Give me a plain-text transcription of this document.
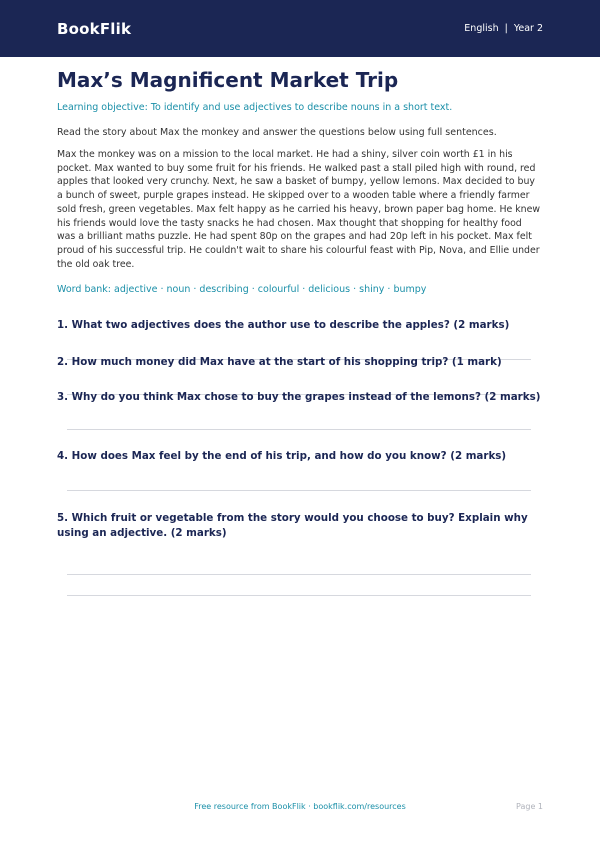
BookFlik	English | Year 2
Max’s Magnificent Market Trip

Learning objective: To identify and use adjectives to describe nouns in a short text.

Read the story about Max the monkey and answer the questions below using full sentences.

Max the monkey was on a mission to the local market. He had a shiny, silver coin worth £1 in his pocket. Max wanted to buy some fruit for his friends. He walked past a stall piled high with round, red apples that looked very crunchy. Next, he saw a basket of bumpy, yellow lemons. Max decided to buy a bunch of sweet, purple grapes instead. He skipped over to a wooden table where a friendly farmer sold fresh, green vegetables. Max felt happy as he carried his heavy, brown paper bag home. He knew his friends would love the tasty snacks he had chosen. Max thought that shopping for healthy food was a brilliant maths puzzle. He had spent 80p on the grapes and had 20p left in his pocket. Max felt proud of his successful trip. He couldn't wait to share his colourful feast with Pip, Nova, and Ellie under the old oak tree.

Word bank: adjective · noun · describing · colourful · delicious · shiny · bumpy

1. What two adjectives does the author use to describe the apples? (2 marks)

2. How much money did Max have at the start of his shopping trip? (1 mark)

3. Why do you think Max chose to buy the grapes instead of the lemons? (2 marks)

4. How does Max feel by the end of his trip, and how do you know? (2 marks)

5. Which fruit or vegetable from the story would you choose to buy? Explain why using an adjective. (2 marks)

Free resource from BookFlik · bookflik.com/resources	Page 1
